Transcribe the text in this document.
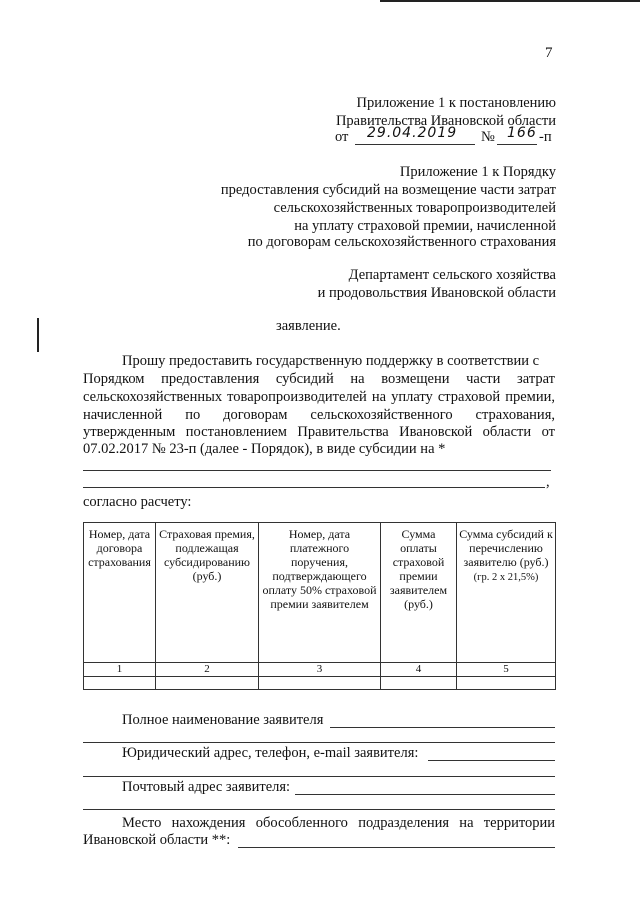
7
Приложение 1 к постановлению
Правительства Ивановской области
от 29.04.2019 № 166 -п
Приложение 1 к Порядку
предоставления субсидий на возмещение части затрат
сельскохозяйственных товаропроизводителей
на уплату страховой премии, начисленной
по договорам сельскохозяйственного страхования
Департамент сельского хозяйства
и продовольствия Ивановской области
заявление.
Прошу предоставить государственную поддержку в соответствии с
Порядком предоставления субсидий на возмещени части затрат
сельскохозяйственных товаропроизводителей на уплату страховой премии,
начисленной по договорам сельскохозяйственного страхования,
утвержденным постановлением Правительства Ивановской области от
07.02.2017 № 23-п (далее - Порядок), в виде субсидии на *
,
согласно расчету:
Номер, дата договора страхования	Страховая премия, подлежащая субсидированию (руб.)	Номер, дата платежного поручения, подтверждающего оплату 50% страховой премии заявителем	Сумма оплаты страховой премии заявителем (руб.)	Сумма субсидий к перечислению заявителю (руб.)
(гр. 2 х 21,5%)
1	2	3	4	5

Полное наименование заявителя
Юридический адрес, телефон, e-mail заявителя:
Почтовый адрес заявителя:
Место нахождения обособленного подразделения на территории
Ивановской области **:
